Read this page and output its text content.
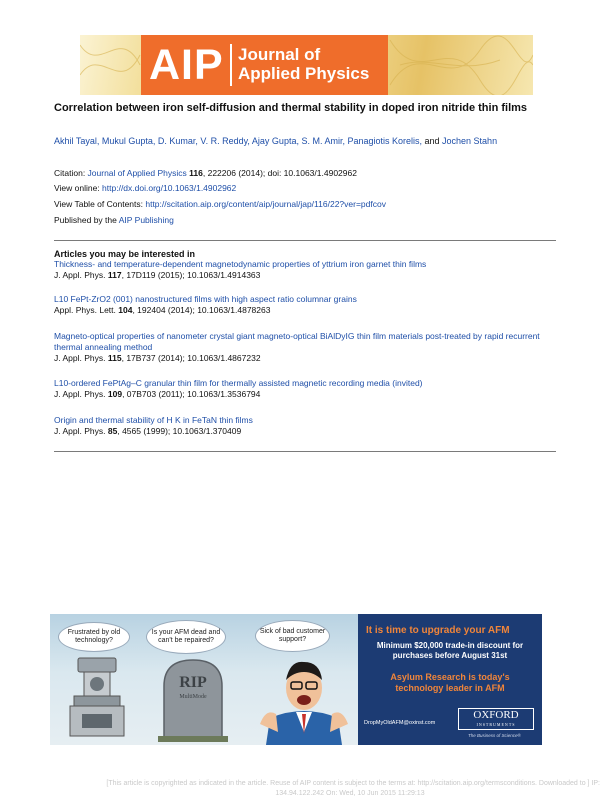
AIP Journal of
Applied Physics
Correlation between iron self-diffusion and thermal stability in doped iron nitride thin films
Akhil Tayal, Mukul Gupta, D. Kumar, V. R. Reddy, Ajay Gupta, S. M. Amir, Panagiotis Korelis, and Jochen Stahn
Citation: Journal of Applied Physics 116, 222206 (2014); doi: 10.1063/1.4902962
View online: http://dx.doi.org/10.1063/1.4902962
View Table of Contents: http://scitation.aip.org/content/aip/journal/jap/116/22?ver=pdfcov
Published by the AIP Publishing
Articles you may be interested in
Thickness- and temperature-dependent magnetodynamic properties of yttrium iron garnet thin films
J. Appl. Phys. 117, 17D119 (2015); 10.1063/1.4914363
L10 FePt-ZrO2 (001) nanostructured films with high aspect ratio columnar grains
Appl. Phys. Lett. 104, 192404 (2014); 10.1063/1.4878263
Magneto-optical properties of nanometer crystal giant magneto-optical BiAlDyIG thin film materials post-treated by rapid recurrent thermal annealing method
J. Appl. Phys. 115, 17B737 (2014); 10.1063/1.4867232
L10-ordered FePtAg–C granular thin film for thermally assisted magnetic recording media (invited)
J. Appl. Phys. 109, 07B703 (2011); 10.1063/1.3536794
Origin and thermal stability of H K in FeTaN thin films
J. Appl. Phys. 85, 4565 (1999); 10.1063/1.370409
Frustrated by old technology?
Is your AFM dead and can't be repaired?
Sick of bad customer support?
RIP
MultiMode
It is time to upgrade your AFM
Minimum $20,000 trade-in discount for purchases before August 31st
Asylum Research is today's technology leader in AFM
DropMyOldAFM@oxinst.com
OXFORD
INSTRUMENTS
The Business of Science®
[This article is copyrighted as indicated in the article. Reuse of AIP content is subject to the terms at: http://scitation.aip.org/termsconditions. Downloaded to ] IP:
134.94.122.242 On: Wed, 10 Jun 2015 11:29:13
